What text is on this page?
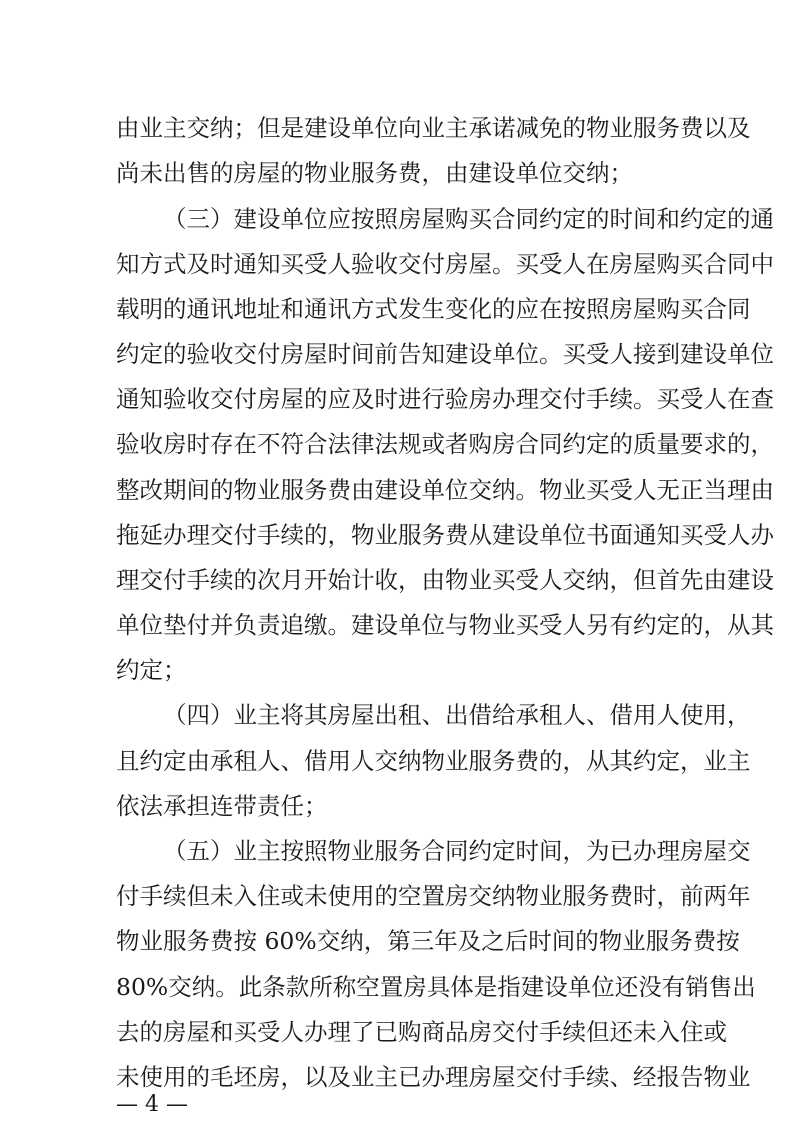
由业主交纳；但是建设单位向业主承诺减免的物业服务费以及
尚未出售的房屋的物业服务费，由建设单位交纳；
（三）建设单位应按照房屋购买合同约定的时间和约定的通
知方式及时通知买受人验收交付房屋。买受人在房屋购买合同中
载明的通讯地址和通讯方式发生变化的应在按照房屋购买合同
约定的验收交付房屋时间前告知建设单位。买受人接到建设单位
通知验收交付房屋的应及时进行验房办理交付手续。买受人在查
验收房时存在不符合法律法规或者购房合同约定的质量要求的，
整改期间的物业服务费由建设单位交纳。物业买受人无正当理由
拖延办理交付手续的，物业服务费从建设单位书面通知买受人办
理交付手续的次月开始计收，由物业买受人交纳，但首先由建设
单位垫付并负责追缴。建设单位与物业买受人另有约定的，从其
约定；
（四）业主将其房屋出租、出借给承租人、借用人使用，
且约定由承租人、借用人交纳物业服务费的，从其约定，业主
依法承担连带责任；
（五）业主按照物业服务合同约定时间，为已办理房屋交
付手续但未入住或未使用的空置房交纳物业服务费时，前两年
物业服务费按 60%交纳，第三年及之后时间的物业服务费按
80%交纳。此条款所称空置房具体是指建设单位还没有销售出
去的房屋和买受人办理了已购商品房交付手续但还未入住或
未使用的毛坯房，以及业主已办理房屋交付手续、经报告物业
— 4 —
